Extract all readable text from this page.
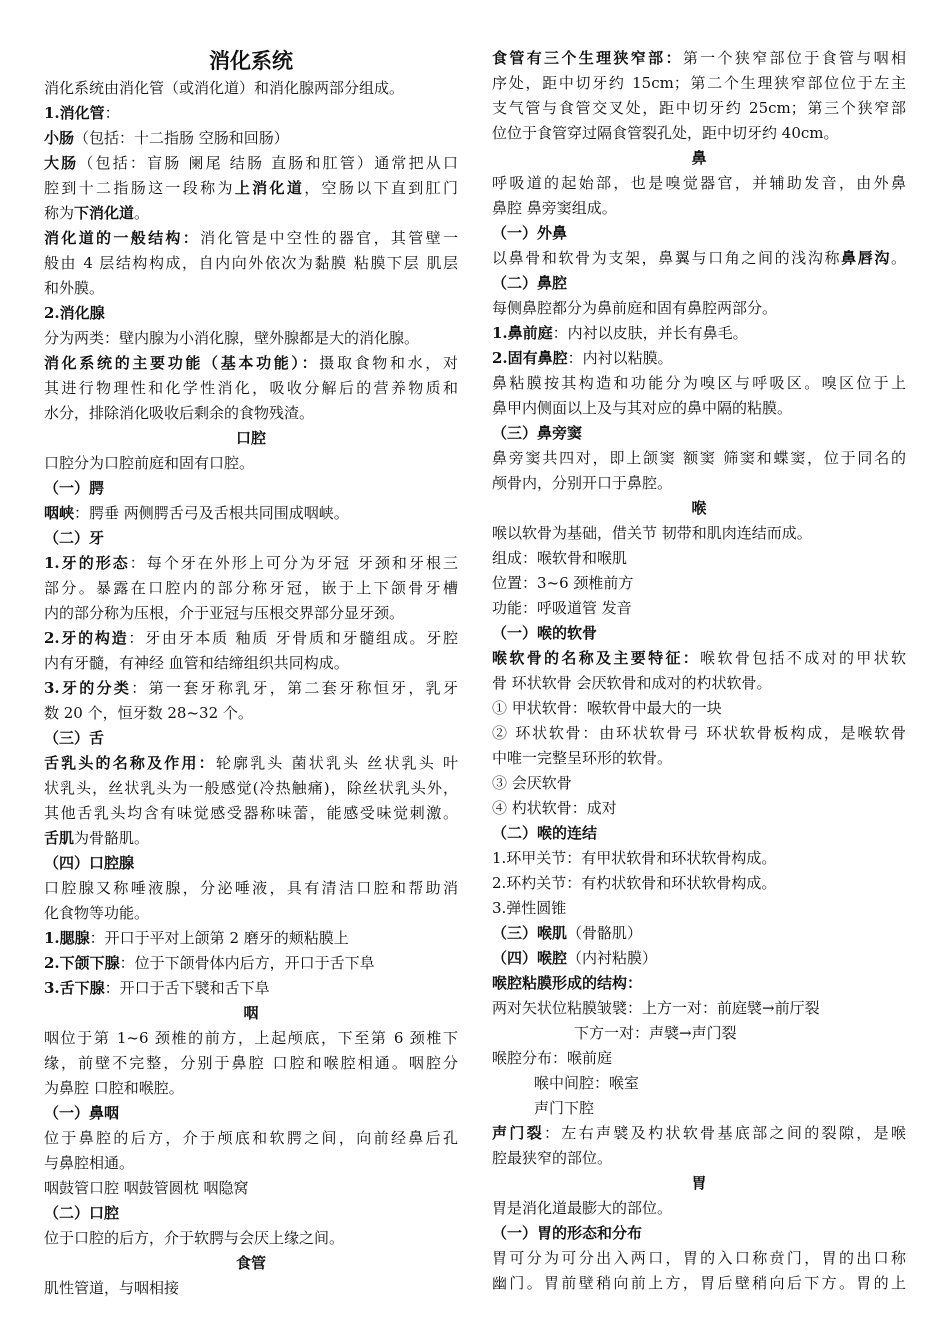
消化系统
消化系统由消化管（或消化道）和消化腺两部分组成。
1.消化管：
小肠（包括：十二指肠 空肠和回肠）
大肠（包括：盲肠 阑尾 结肠 直肠和肛管）通常把从口
腔到十二指肠这一段称为上消化道，空肠以下直到肛门
称为下消化道。
消化道的一般结构：消化管是中空性的器官，其管壁一
般由 4 层结构构成，自内向外依次为黏膜 粘膜下层 肌层
和外膜。
2.消化腺
分为两类：壁内腺为小消化腺，壁外腺都是大的消化腺。
消化系统的主要功能（基本功能）：摄取食物和水，对
其进行物理性和化学性消化，吸收分解后的营养物质和
水分，排除消化吸收后剩余的食物残渣。
口腔
口腔分为口腔前庭和固有口腔。
（一）腭
咽峡：腭垂 两侧腭舌弓及舌根共同围成咽峡。
（二）牙
1.牙的形态：每个牙在外形上可分为牙冠 牙颈和牙根三
部分。暴露在口腔内的部分称牙冠，嵌于上下颌骨牙槽
内的部分称为压根，介于亚冠与压根交界部分显牙颈。
2.牙的构造：牙由牙本质 釉质 牙骨质和牙髓组成。牙腔
内有牙髓，有神经 血管和结缔组织共同构成。
3.牙的分类：第一套牙称乳牙，第二套牙称恒牙，乳牙
数 20 个，恒牙数 28~32 个。
（三）舌
舌乳头的名称及作用：轮廓乳头 菌状乳头 丝状乳头 叶
状乳头，丝状乳头为一般感觉(冷热触痛)，除丝状乳头外，
其他舌乳头均含有味觉感受器称味蕾，能感受味觉刺激。
舌肌为骨骼肌。
（四）口腔腺
口腔腺又称唾液腺，分泌唾液，具有清洁口腔和帮助消
化食物等功能。
1.腮腺：开口于平对上颌第 2 磨牙的颊粘膜上
2.下颌下腺：位于下颌骨体内后方，开口于舌下阜
3.舌下腺：开口于舌下襞和舌下阜
咽
咽位于第 1~6 颈椎的前方，上起颅底，下至第 6 颈椎下
缘，前壁不完整，分别于鼻腔 口腔和喉腔相通。咽腔分
为鼻腔 口腔和喉腔。
（一）鼻咽
位于鼻腔的后方，介于颅底和软腭之间，向前经鼻后孔
与鼻腔相通。
咽鼓管口腔 咽鼓管圆枕 咽隐窝
（二）口腔
位于口腔的后方，介于软腭与会厌上缘之间。
食管
肌性管道，与咽相接
食管有三个生理狭窄部：第一个狭窄部位于食管与咽相
序处，距中切牙约 15cm；第二个生理狭窄部位位于左主
支气管与食管交叉处，距中切牙约 25cm；第三个狭窄部
位位于食管穿过隔食管裂孔处，距中切牙约 40cm。
鼻
呼吸道的起始部，也是嗅觉器官，并辅助发音，由外鼻
鼻腔 鼻旁窦组成。
（一）外鼻
以鼻骨和软骨为支架，鼻翼与口角之间的浅沟称鼻唇沟。
（二）鼻腔
每侧鼻腔都分为鼻前庭和固有鼻腔两部分。
1.鼻前庭：内衬以皮肤，并长有鼻毛。
2.固有鼻腔：内衬以粘膜。
鼻粘膜按其构造和功能分为嗅区与呼吸区。嗅区位于上
鼻甲内侧面以上及与其对应的鼻中隔的粘膜。
（三）鼻旁窦
鼻旁窦共四对，即上颌窦 额窦 筛窦和蝶窦，位于同名的
颅骨内，分别开口于鼻腔。
喉
喉以软骨为基础，借关节 韧带和肌肉连结而成。
组成：喉软骨和喉肌
位置：3~6 颈椎前方
功能：呼吸道管 发音
（一）喉的软骨
喉软骨的名称及主要特征：喉软骨包括不成对的甲状软
骨 环状软骨 会厌软骨和成对的杓状软骨。
① 甲状软骨：喉软骨中最大的一块
② 环状软骨：由环状软骨弓 环状软骨板构成，是喉软骨
中唯一完整呈环形的软骨。
③ 会厌软骨
④ 杓状软骨：成对
（二）喉的连结
1.环甲关节：有甲状软骨和环状软骨构成。
2.环杓关节：有杓状软骨和环状软骨构成。
3.弹性圆锥
（三）喉肌（骨骼肌）
（四）喉腔（内衬粘膜）
喉腔粘膜形成的结构：
两对矢状位粘膜皱襞：上方一对：前庭襞→前厅裂
下方一对：声襞→声门裂
喉腔分布：喉前庭
喉中间腔：喉室
声门下腔
声门裂：左右声襞及杓状软骨基底部之间的裂隙，是喉
腔最狭窄的部位。
胃
胃是消化道最膨大的部位。
（一）胃的形态和分布
胃可分为可分出入两口，胃的入口称贲门，胃的出口称
幽门。胃前壁稍向前上方，胃后壁稍向后下方。胃的上
